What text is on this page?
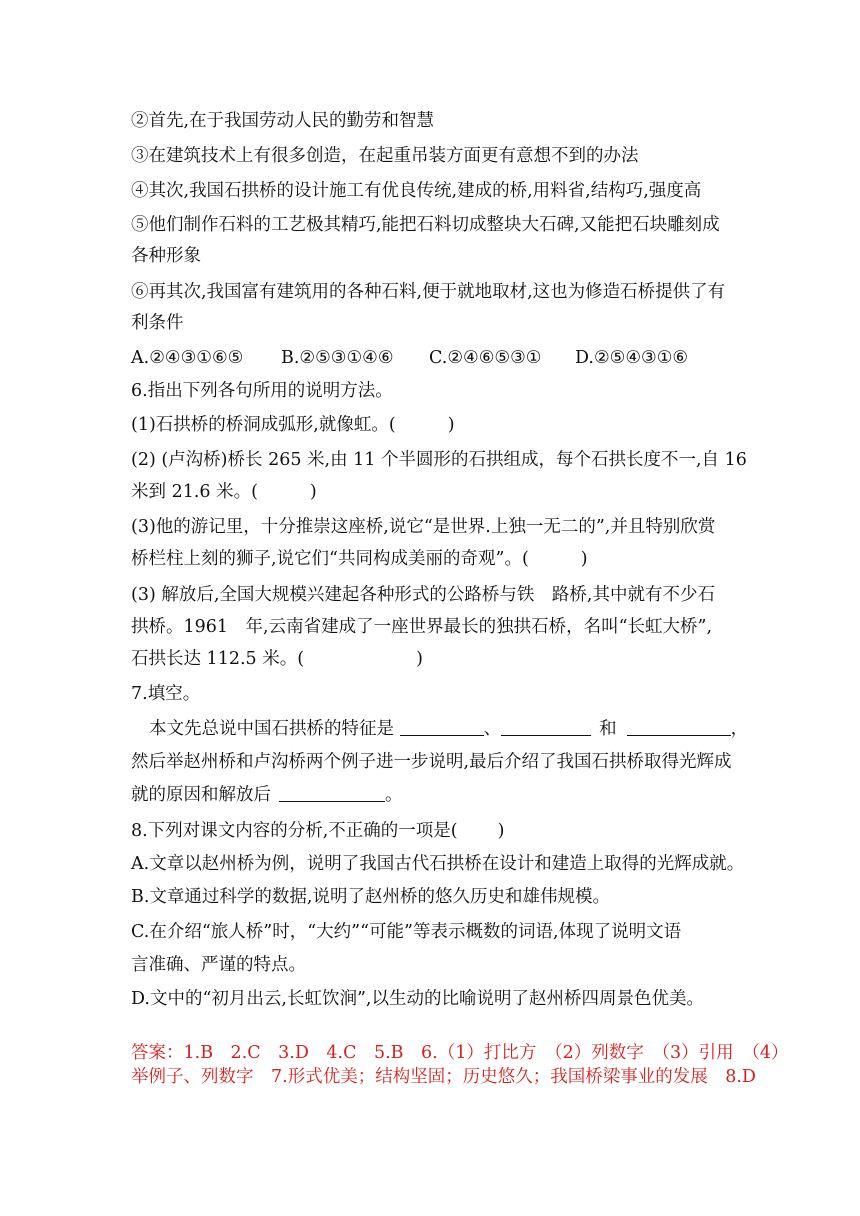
②首先,在于我国劳动人民的勤劳和智慧
③在建筑技术上有很多创造，在起重吊装方面更有意想不到的办法
④其次,我国石拱桥的设计施工有优良传统,建成的桥,用料省,结构巧,强度高
⑤他们制作石料的工艺极其精巧,能把石料切成整块大石碑,又能把石块雕刻成
各种形象
⑥再其次,我国富有建筑用的各种石料,便于就地取材,这也为修造石桥提供了有
利条件
A.②④③①⑥⑤ B.②⑤③①④⑥ C.②④⑥⑤③① D.②⑤④③①⑥
6.指出下列各句所用的说明方法。
(1)石拱桥的桥洞成弧形,就像虹。(	)
(2) (卢沟桥)桥长 265 米,由 11 个半圆形的石拱组成，每个石拱长度不一,自 16
米到 21.6 米。(	)
(3)他的游记里，十分推崇这座桥,说它“是世界.上独一无二的”,并且特别欣赏
桥栏柱上刻的狮子,说它们“共同构成美丽的奇观”。(	)
(3) 解放后,全国大规模兴建起各种形式的公路桥与铁　路桥,其中就有不少石
拱桥。1961　年,云南省建成了一座世界最长的独拱石桥，名叫“长虹大桥”,
石拱长达 112.5 米。(	)
7.填空。
本文先总说中国石拱桥的特征是	、	和	，
然后举赵州桥和卢沟桥两个例子进一步说明,最后介绍了我国石拱桥取得光辉成
就的原因和解放后	。
8.下列对课文内容的分析,不正确的一项是( )
A.文章以赵州桥为例，说明了我国古代石拱桥在设计和建造上取得的光辉成就。
B.文章通过科学的数据,说明了赵州桥的悠久历史和雄伟规模。
C.在介绍“旅人桥”时，“大约”“可能”等表示概数的词语,体现了说明文语
言准确、严谨的特点。
D.文中的“初月出云,长虹饮涧”,以生动的比喻说明了赵州桥四周景色优美。
答案：1.B　2.C　3.D　4.C　5.B　6.（1）打比方　（2）列数字　（3）引用　（4）
举例子、列数字　7.形式优美；结构坚固；历史悠久；我国桥梁事业的发展　8.D
